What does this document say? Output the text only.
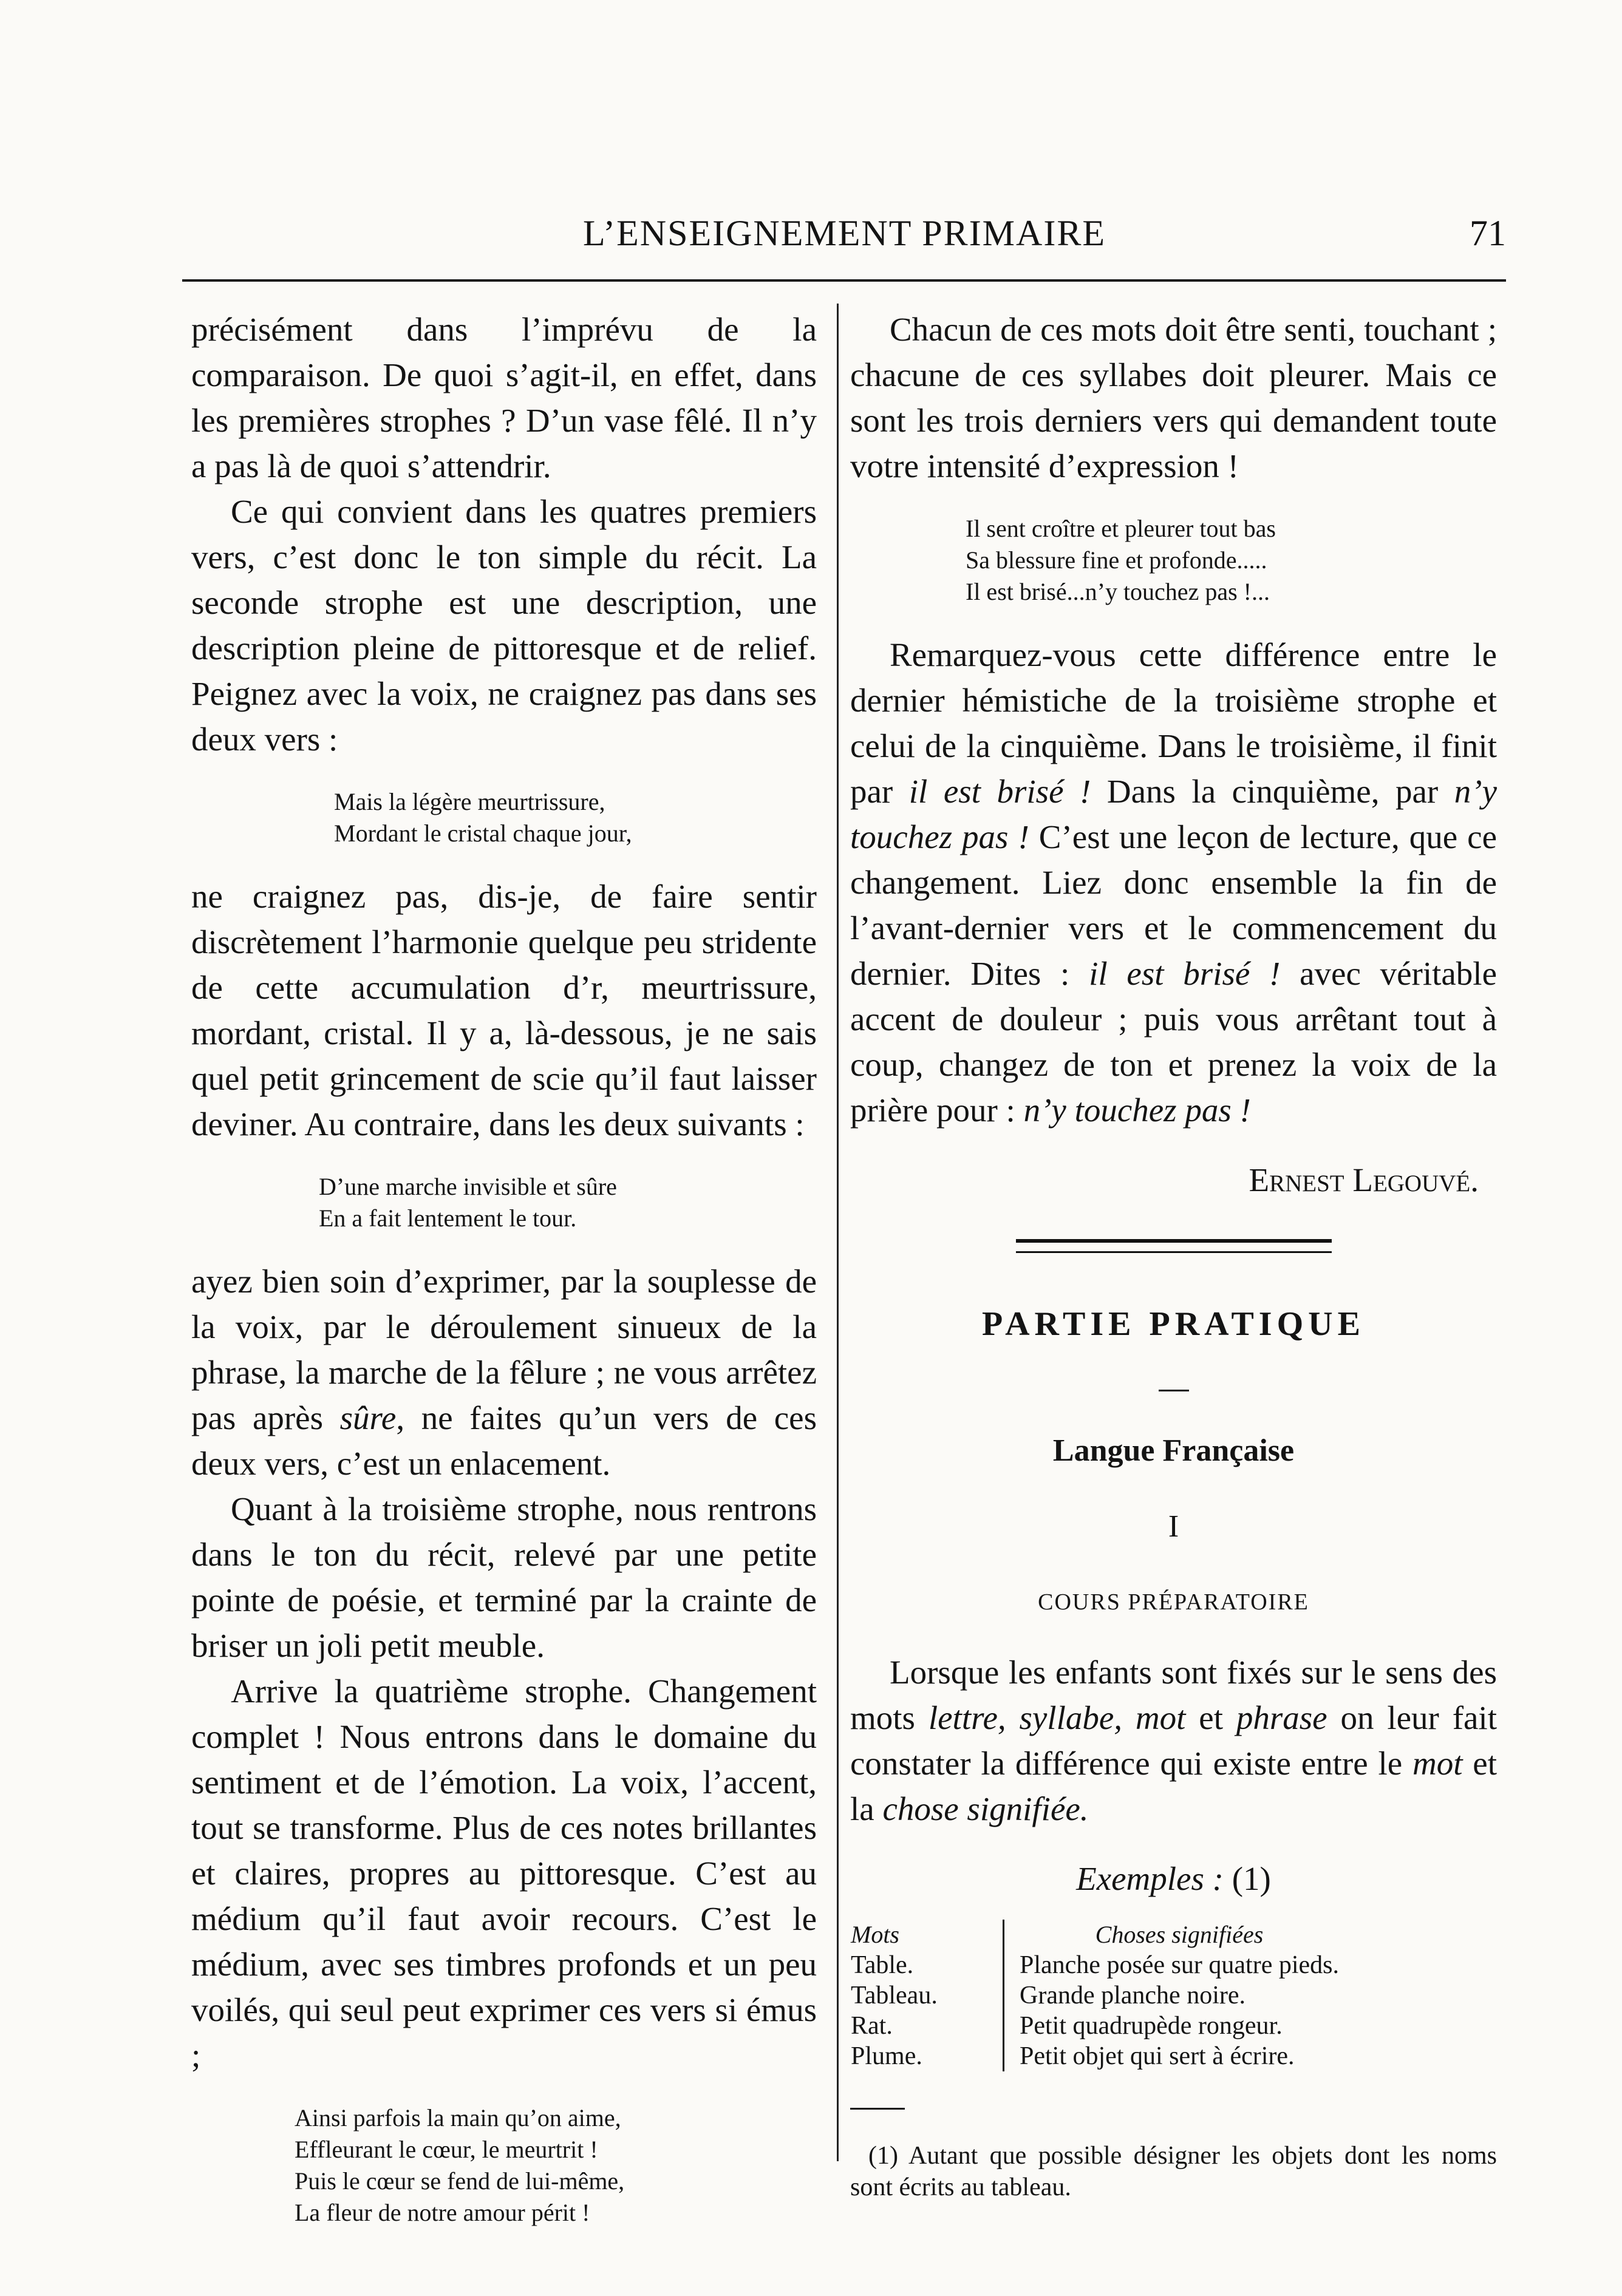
L’ENSEIGNEMENT PRIMAIRE	71

précisément dans l’imprévu de la comparaison. De quoi s’agit-il, en effet, dans les premières strophes ? D’un vase fêlé. Il n’y a pas là de quoi s’attendrir.

Ce qui convient dans les quatres premiers vers, c’est donc le ton simple du récit. La seconde strophe est une description, une description pleine de pittoresque et de relief. Peignez avec la voix, ne craignez pas dans ses deux vers :

Mais la légère meurtrissure,
Mordant le cristal chaque jour,

ne craignez pas, dis-je, de faire sentir discrètement l’harmonie quelque peu stridente de cette accumulation d’r, meurtrissure, mordant, cristal. Il y a, là-dessous, je ne sais quel petit grincement de scie qu’il faut laisser deviner. Au contraire, dans les deux suivants :

D’une marche invisible et sûre
En a fait lentement le tour.

ayez bien soin d’exprimer, par la souplesse de la voix, par le déroulement sinueux de la phrase, la marche de la fêlure ; ne vous arrêtez pas après sûre, ne faites qu’un vers de ces deux vers, c’est un enlacement.

Quant à la troisième strophe, nous rentrons dans le ton du récit, relevé par une petite pointe de poésie, et terminé par la crainte de briser un joli petit meuble.

Arrive la quatrième strophe. Changement complet ! Nous entrons dans le domaine du sentiment et de l’émotion. La voix, l’accent, tout se transforme. Plus de ces notes brillantes et claires, propres au pittoresque. C’est au médium qu’il faut avoir recours. C’est le médium, avec ses timbres profonds et un peu voilés, qui seul peut exprimer ces vers si émus ;

Ainsi parfois la main qu’on aime,
Effleurant le cœur, le meurtrit !
Puis le cœur se fend de lui-même,
La fleur de notre amour périt !

Chacun de ces mots doit être senti, touchant ; chacune de ces syllabes doit pleurer. Mais ce sont les trois derniers vers qui demandent toute votre intensité d’expression !

Il sent croître et pleurer tout bas
Sa blessure fine et profonde.....
Il est brisé...n’y touchez pas !...

Remarquez-vous cette différence entre le dernier hémistiche de la troisième strophe et celui de la cinquième. Dans le troisième, il finit par il est brisé ! Dans la cinquième, par n’y touchez pas ! C’est une leçon de lecture, que ce changement. Liez donc ensemble la fin de l’avant-dernier vers et le commencement du dernier. Dites : il est brisé ! avec véritable accent de douleur ; puis vous arrêtant tout à coup, changez de ton et prenez la voix de la prière pour : n’y touchez pas !

Ernest Legouvé.
PARTIE PRATIQUE
Langue Française
I
COURS PRÉPARATOIRE

Lorsque les enfants sont fixés sur le sens des mots lettre, syllabe, mot et phrase on leur fait constater la différence qui existe entre le mot et la chose signifiée.

Exemples : (1)
Mots	Choses signifiées
Table.	Planche posée sur quatre pieds.
Tableau.	Grande planche noire.
Rat.	Petit quadrupède rongeur.
Plume.	Petit objet qui sert à écrire.

(1) Autant que possible désigner les objets dont les noms sont écrits au tableau.
